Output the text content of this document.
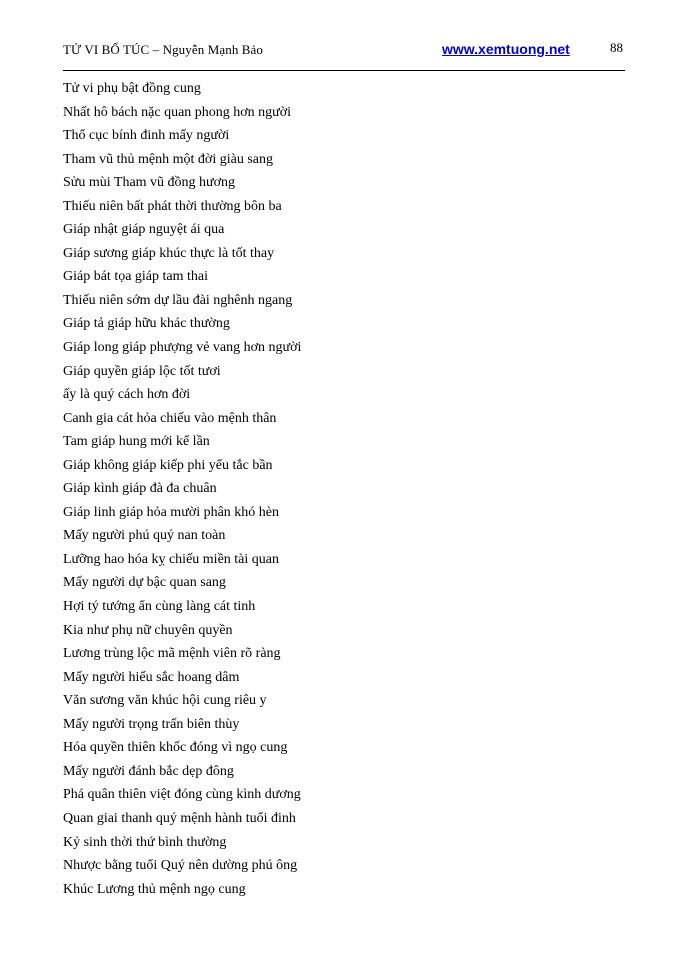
TỬ VI BỔ TÚC – Nguyễn Mạnh Bảo	www.xemtuong.net	88
Tử vi phụ bật đồng cung
Nhất hô bách nặc quan phong hơn người
Thổ cục bính đinh mấy người
Tham vũ thủ mệnh một đời giàu sang
Sửu mùi Tham vũ đồng hương
Thiếu niên bất phát thời thường bôn ba
Giáp nhật giáp nguyệt ái qua
Giáp sương giáp khúc thực là tốt thay
Giáp bát tọa giáp tam thai
Thiếu niên sớm dự lầu đài nghênh ngang
Giáp tả giáp hữu khác thường
Giáp long giáp phượng vẻ vang hơn người
Giáp quyền giáp lộc tốt tươi
ấy là quý cách hơn đời
Canh gia cát hỏa chiếu vào mệnh thân
Tam giáp hung mới kể lần
Giáp không giáp kiếp phi yểu tắc bần
Giáp kình giáp đà đa chuân
Giáp linh giáp hỏa mười phân khó hèn
Mấy người phú quý nan toàn
Lưỡng hao hóa kỵ chiếu miền tài quan
Mấy người dự bậc quan sang
Hợi tý tướng ẩn cùng làng cát tinh
Kia như phụ nữ chuyên quyền
Lương trùng lộc mã mệnh viên rõ ràng
Mấy người hiếu sắc hoang dâm
Văn sương văn khúc hội cung riêu y
Mấy người trọng trấn biên thùy
Hóa quyền thiên khốc đóng vì ngọ cung
Mấy người đánh bắc dẹp đông
Phá quân thiên việt đóng cùng kình dương
Quan giai thanh quý mệnh hành tuổi đinh
Kỷ sinh thời thứ bình thường
Nhược bằng tuổi Quý nên dường phú ông
Khúc Lương thủ mệnh ngọ cung
